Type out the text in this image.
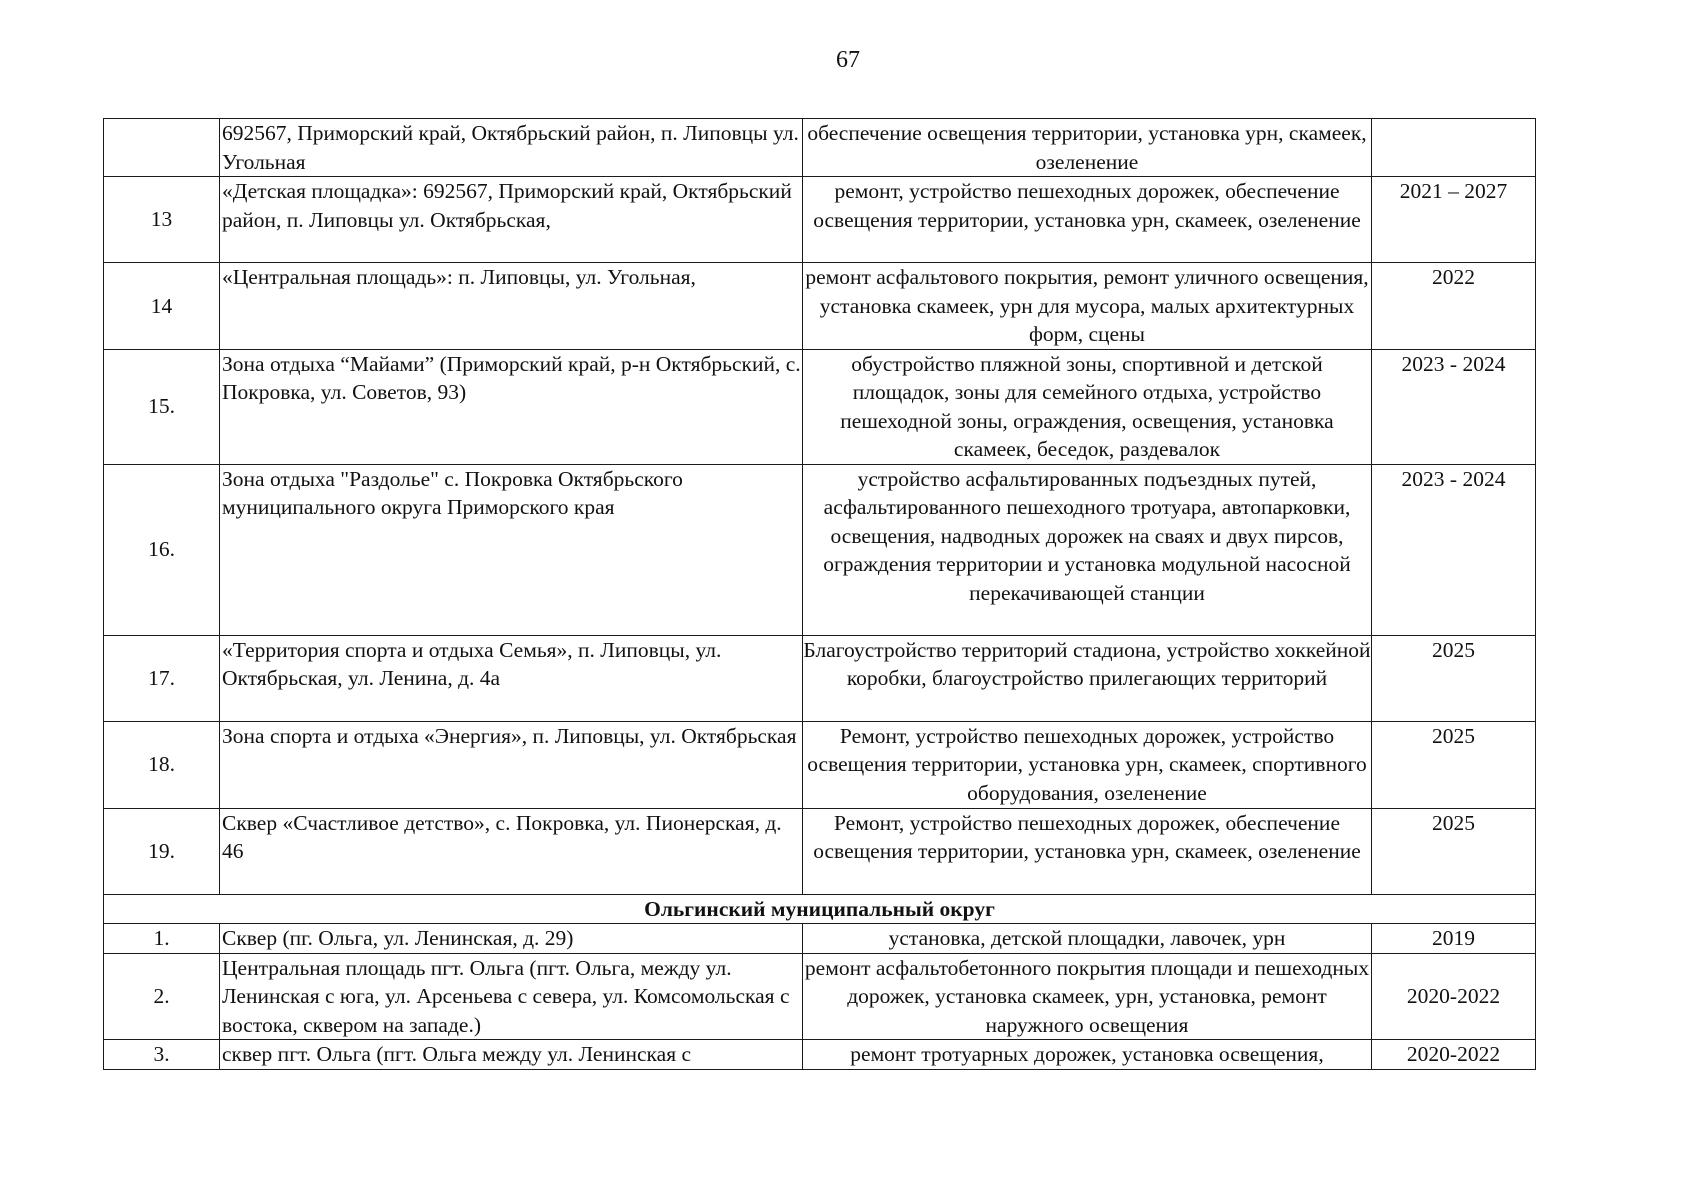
67
	692567, Приморский край, Октябрьский район, п. Липовцы ул. Угольная	обеспечение освещения территории, установка урн, скамеек, озеленение	
13	«Детская площадка»: 692567, Приморский край, Октябрьский район, п. Липовцы ул. Октябрьская,	ремонт, устройство пешеходных дорожек, обеспечение освещения территории, установка урн, скамеек, озеленение	2021 – 2027
14	«Центральная площадь»: п. Липовцы, ул. Угольная,	ремонт асфальтового покрытия, ремонт уличного освещения, установка скамеек, урн для мусора, малых архитектурных форм, сцены	2022
15.	Зона отдыха “Майами” (Приморский край, р-н Октябрьский, с. Покровка, ул. Советов, 93)	обустройство пляжной зоны, спортивной и детской площадок, зоны для семейного отдыха, устройство пешеходной зоны, ограждения, освещения, установка скамеек, беседок, раздевалок	2023 - 2024
16.	Зона отдыха "Раздолье" с. Покровка Октябрьского муниципального округа Приморского края	устройство асфальтированных подъездных путей, асфальтированного пешеходного тротуара, автопарковки, освещения, надводных дорожек на сваях и двух пирсов, ограждения территории и установка модульной насосной перекачивающей станции	2023 - 2024
17.	«Территория спорта и отдыха Семья», п. Липовцы, ул. Октябрьская, ул. Ленина, д. 4а	Благоустройство территорий стадиона, устройство хоккейной коробки, благоустройство прилегающих территорий	2025
18.	Зона спорта и отдыха «Энергия», п. Липовцы, ул. Октябрьская	Ремонт, устройство пешеходных дорожек, устройство освещения территории, установка урн, скамеек, спортивного оборудования, озеленение	2025
19.	Сквер «Счастливое детство», с. Покровка, ул. Пионерская, д. 46	Ремонт, устройство пешеходных дорожек, обеспечение освещения территории, установка урн, скамеек, озеленение	2025
Ольгинский муниципальный округ			
1.	Сквер (пг. Ольга, ул. Ленинская, д. 29)	установка, детской площадки, лавочек, урн	2019
2.	Центральная площадь пгт. Ольга (пгт. Ольга, между ул. Ленинская с юга, ул. Арсеньева с севера, ул. Комсомольская с востока, сквером на западе.)	ремонт асфальтобетонного покрытия площади и пешеходных дорожек, установка скамеек, урн, установка, ремонт наружного освещения	2020-2022
3.	сквер пгт. Ольга (пгт. Ольга между ул. Ленинская с	ремонт тротуарных дорожек, установка освещения,	2020-2022
